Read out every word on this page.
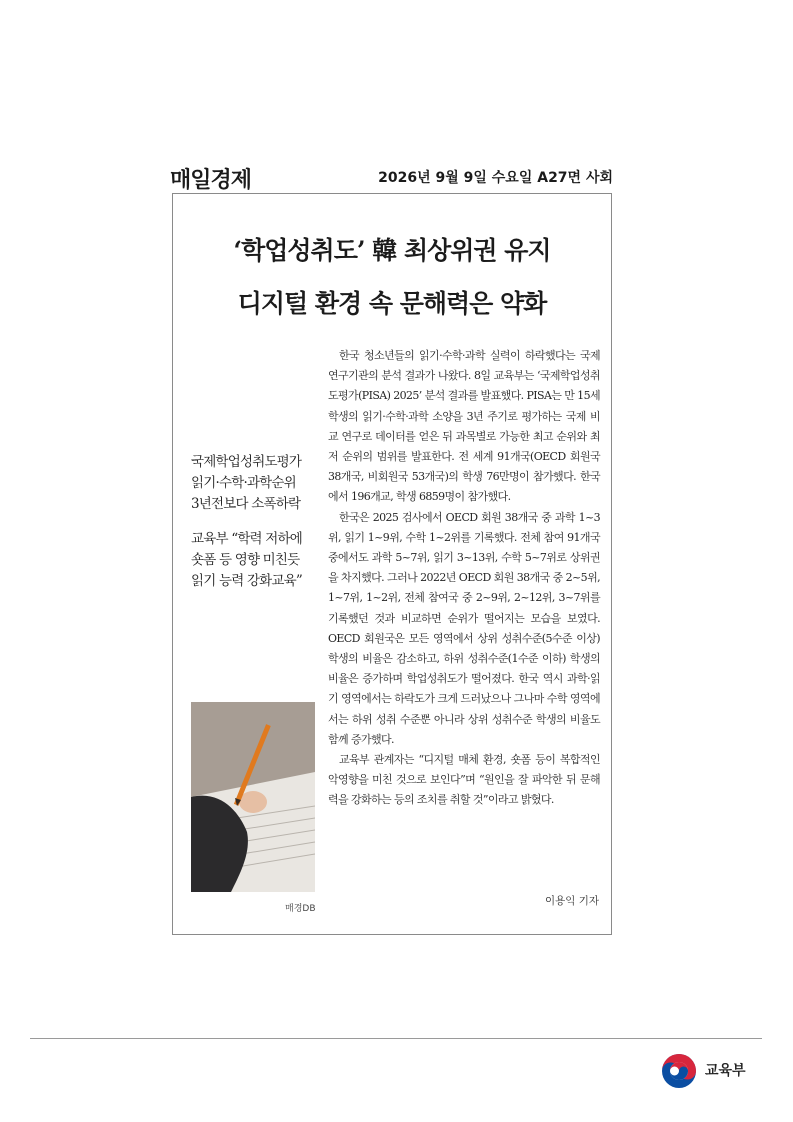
매일경제	2026년 9월 9일 수요일 A27면 사회
‘학업성취도’ 韓 최상위권 유지
디지털 환경 속 문해력은 약화
국제학업성취도평가
읽기·수학·과학순위
3년전보다 소폭하락
교육부 “학력 저하에
숏폼 등 영향 미친듯
읽기 능력 강화교육”
매경DB

한국 청소년들의 읽기·수학·과학 실력이 하락했다는 국제 연구기관의 분석 결과가 나왔다. 8일 교육부는 ‘국제학업성취도평가(PISA) 2025’ 분석 결과를 발표했다. PISA는 만 15세 학생의 읽기·수학·과학 소양을 3년 주기로 평가하는 국제 비교 연구로 데이터를 얻은 뒤 과목별로 가능한 최고 순위와 최저 순위의 범위를 발표한다. 전 세계 91개국(OECD 회원국 38개국, 비회원국 53개국)의 학생 76만명이 참가했다. 한국에서 196개교, 학생 6859명이 참가했다.

한국은 2025 검사에서 OECD 회원 38개국 중 과학 1~3위, 읽기 1~9위, 수학 1~2위를 기록했다. 전체 참여 91개국 중에서도 과학 5~7위, 읽기 3~13위, 수학 5~7위로 상위권을 차지했다. 그러나 2022년 OECD 회원 38개국 중 2~5위, 1~7위, 1~2위, 전체 참여국 중 2~9위, 2~12위, 3~7위를 기록했던 것과 비교하면 순위가 떨어지는 모습을 보였다. OECD 회원국은 모든 영역에서 상위 성취수준(5수준 이상) 학생의 비율은 감소하고, 하위 성취수준(1수준 이하) 학생의 비율은 증가하며 학업성취도가 떨어졌다. 한국 역시 과학·읽기 영역에서는 하락도가 크게 드러났으나 그나마 수학 영역에서는 하위 성취 수준뿐 아니라 상위 성취수준 학생의 비율도 함께 증가했다.

교육부 관계자는 “디지털 매체 환경, 숏폼 등이 복합적인 악영향을 미친 것으로 보인다”며 “원인을 잘 파악한 뒤 문해력을 강화하는 등의 조치를 취할 것”이라고 밝혔다.

이용익 기자
교육부
